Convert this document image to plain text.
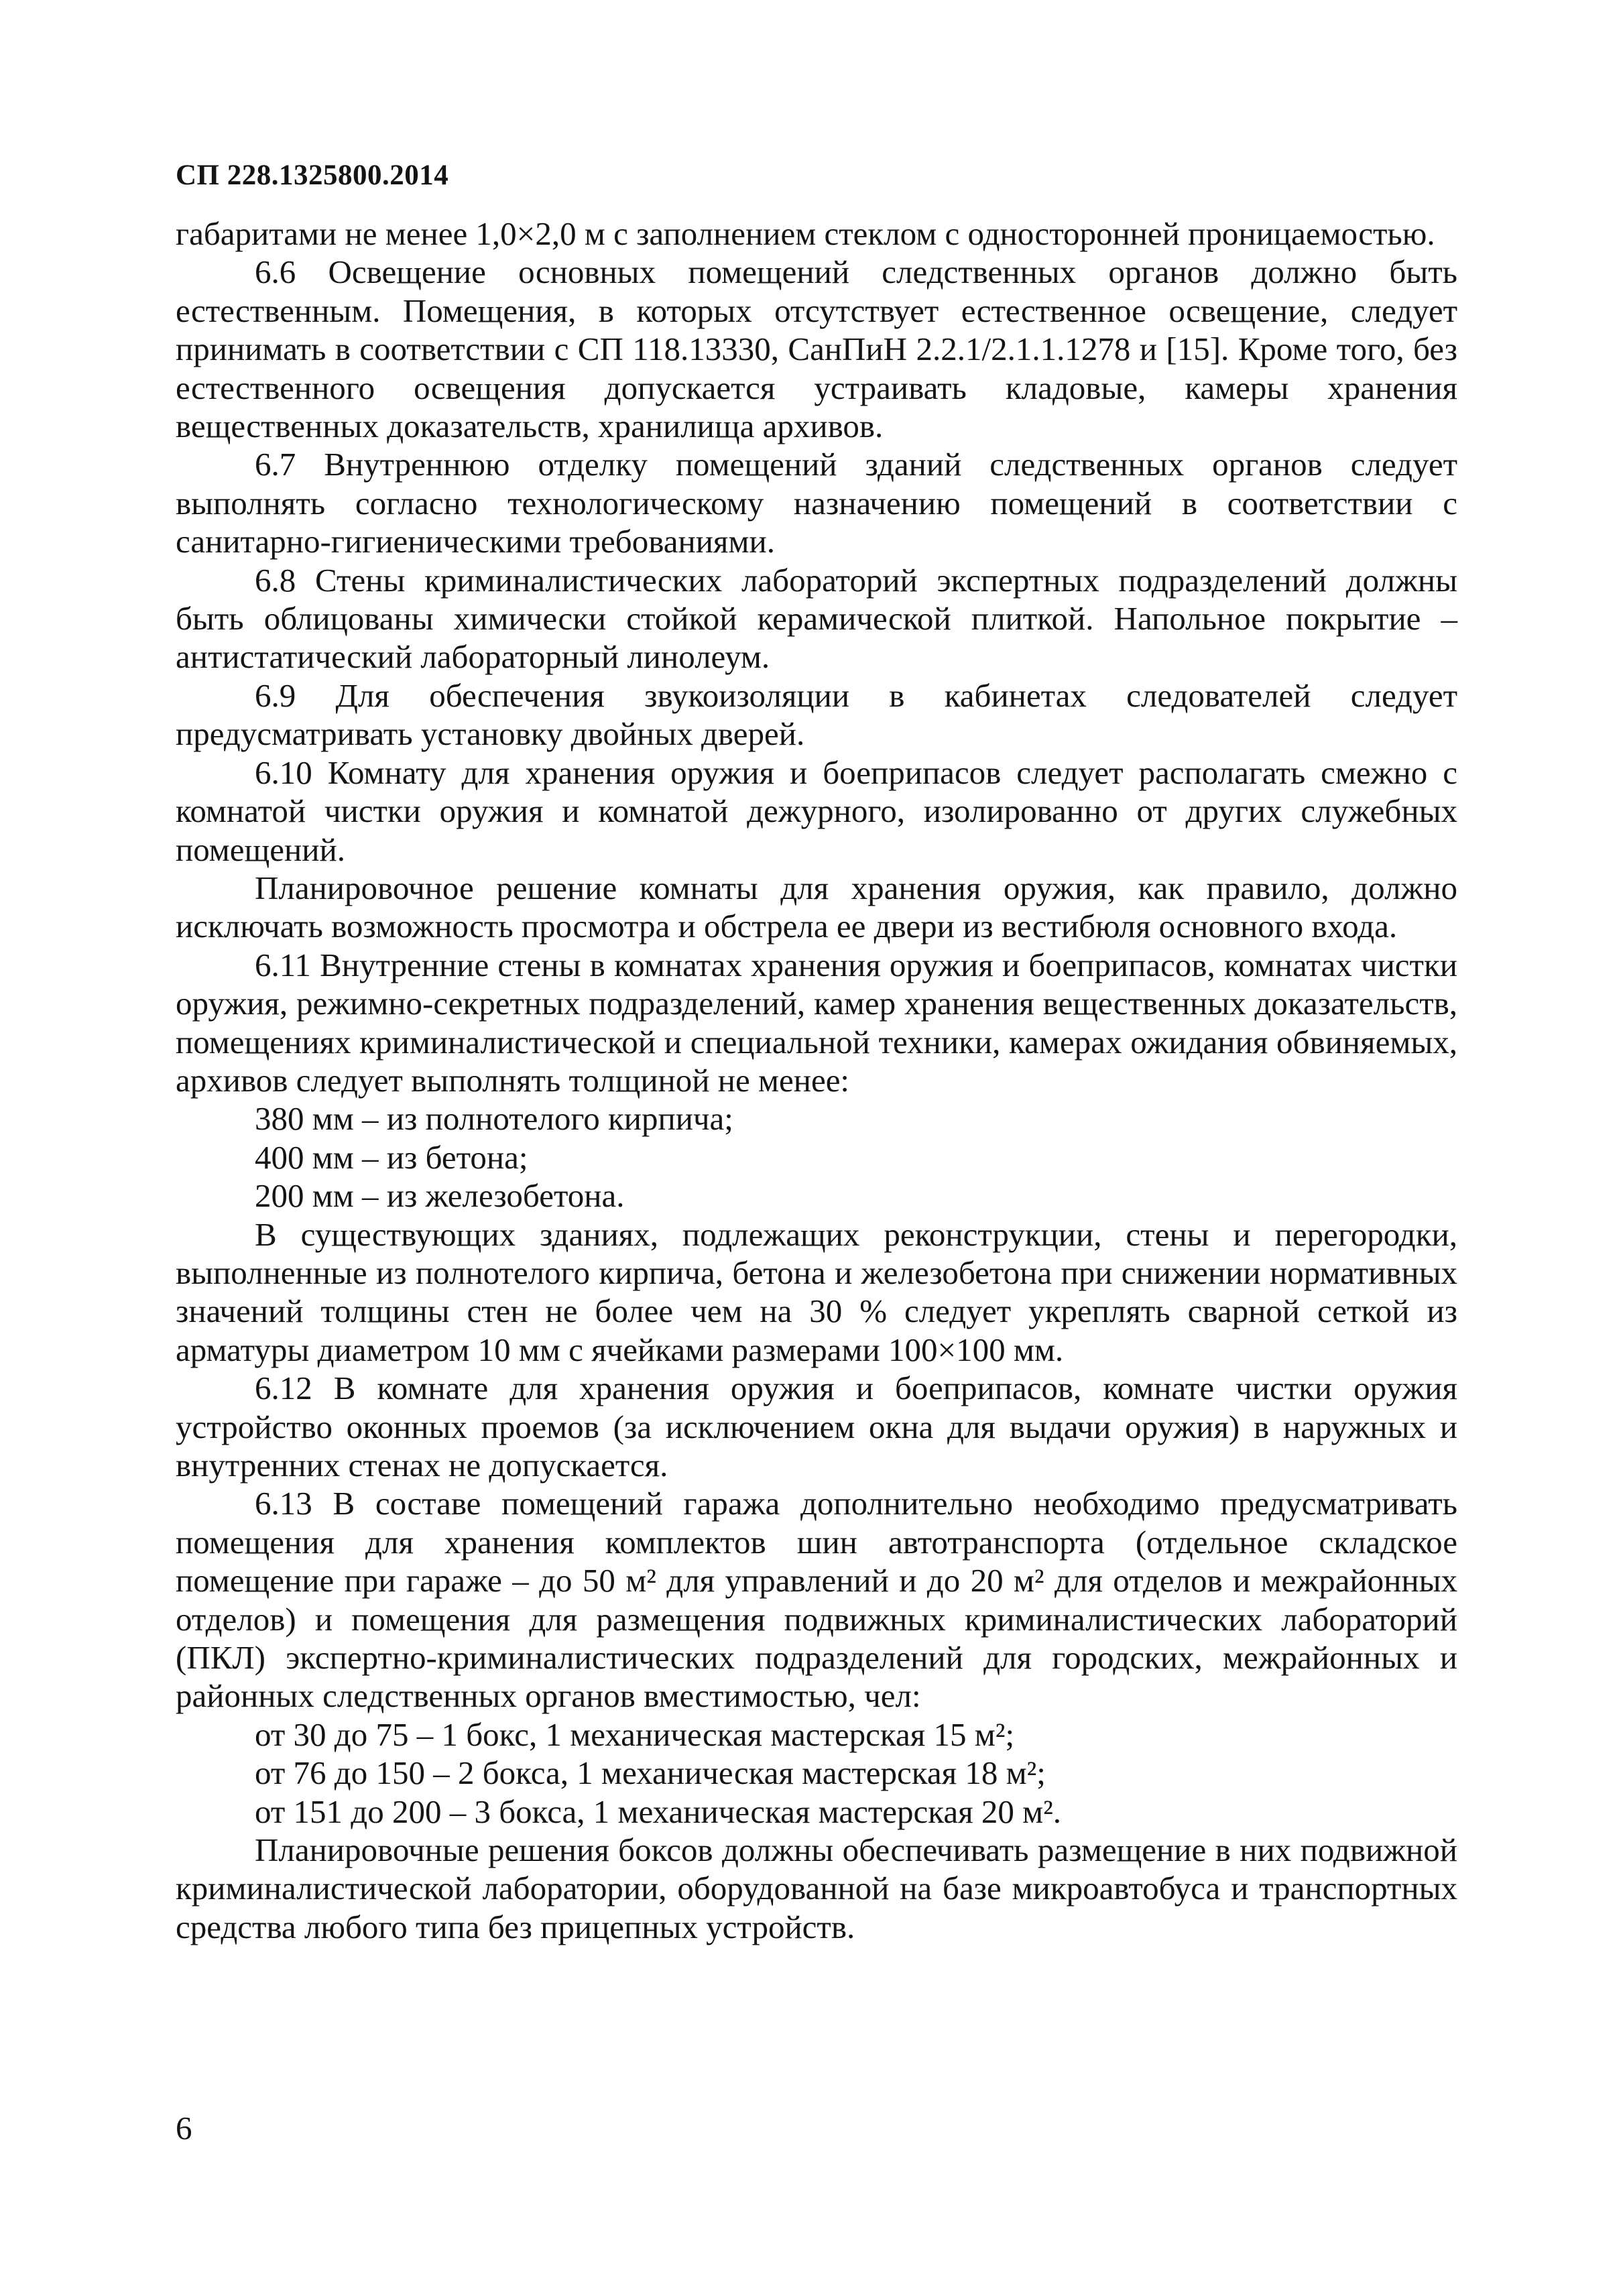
СП 228.1325800.2014

габаритами не менее 1,0×2,0 м с заполнением стеклом с односторонней проницаемостью.

6.6 Освещение основных помещений следственных органов должно быть естественным. Помещения, в которых отсутствует естественное освещение, следует принимать в соответствии с СП 118.13330, СанПиН 2.2.1/2.1.1.1278 и [15]. Кроме того, без естественного освещения допускается устраивать кладовые, камеры хранения вещественных доказательств, хранилища архивов.

6.7 Внутреннюю отделку помещений зданий следственных органов следует выполнять согласно технологическому назначению помещений в соответствии с санитарно-гигиеническими требованиями.

6.8 Стены криминалистических лабораторий экспертных подразделений должны быть облицованы химически стойкой керамической плиткой. Напольное покрытие – антистатический лабораторный линолеум.

6.9 Для обеспечения звукоизоляции в кабинетах следователей следует предусматривать установку двойных дверей.

6.10 Комнату для хранения оружия и боеприпасов следует располагать смежно с комнатой чистки оружия и комнатой дежурного, изолированно от других служебных помещений.

Планировочное решение комнаты для хранения оружия, как правило, должно исключать возможность просмотра и обстрела ее двери из вестибюля основного входа.

6.11 Внутренние стены в комнатах хранения оружия и боеприпасов, комнатах чистки оружия, режимно-секретных подразделений, камер хранения вещественных доказательств, помещениях криминалистической и специальной техники, камерах ожидания обвиняемых, архивов следует выполнять толщиной не менее:

380 мм – из полнотелого кирпича;

400 мм – из бетона;

200 мм – из железобетона.

В существующих зданиях, подлежащих реконструкции, стены и перегородки, выполненные из полнотелого кирпича, бетона и железобетона при снижении нормативных значений толщины стен не более чем на 30 % следует укреплять сварной сеткой из арматуры диаметром 10 мм с ячейками размерами 100×100 мм.

6.12 В комнате для хранения оружия и боеприпасов, комнате чистки оружия устройство оконных проемов (за исключением окна для выдачи оружия) в наружных и внутренних стенах не допускается.

6.13 В составе помещений гаража дополнительно необходимо предусматривать помещения для хранения комплектов шин автотранспорта (отдельное складское помещение при гараже – до 50 м² для управлений и до 20 м² для отделов и межрайонных отделов) и помещения для размещения подвижных криминалистических лабораторий (ПКЛ) экспертно-криминалистических подразделений для городских, межрайонных и районных следственных органов вместимостью, чел:

от 30 до 75 – 1 бокс, 1 механическая мастерская 15 м²;

от 76 до 150 – 2 бокса, 1 механическая мастерская 18 м²;

от 151 до 200 – 3 бокса, 1 механическая мастерская 20 м².

Планировочные решения боксов должны обеспечивать размещение в них подвижной криминалистической лаборатории, оборудованной на базе микроавтобуса и транспортных средства любого типа без прицепных устройств.

6
